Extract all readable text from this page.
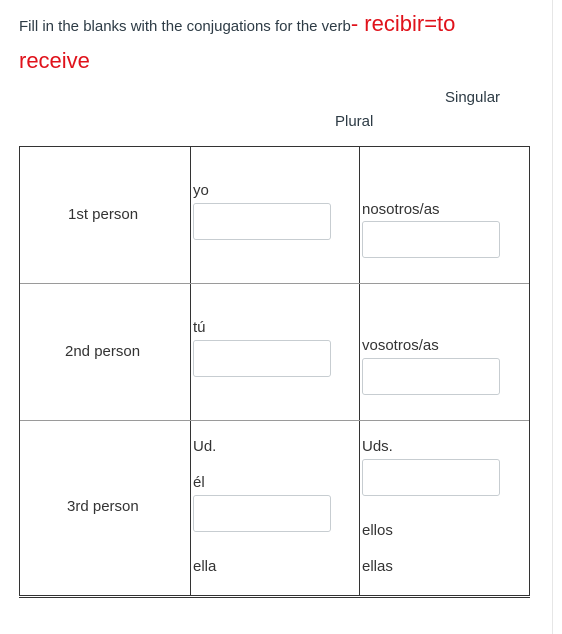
Fill in the blanks with the conjugations for the verb- recibir=to receive
Singular
Plural
1st person
yo
nosotros/as
2nd person
tú
vosotros/as
3rd person
Ud.
él
ella
Uds.
ellos
ellas
